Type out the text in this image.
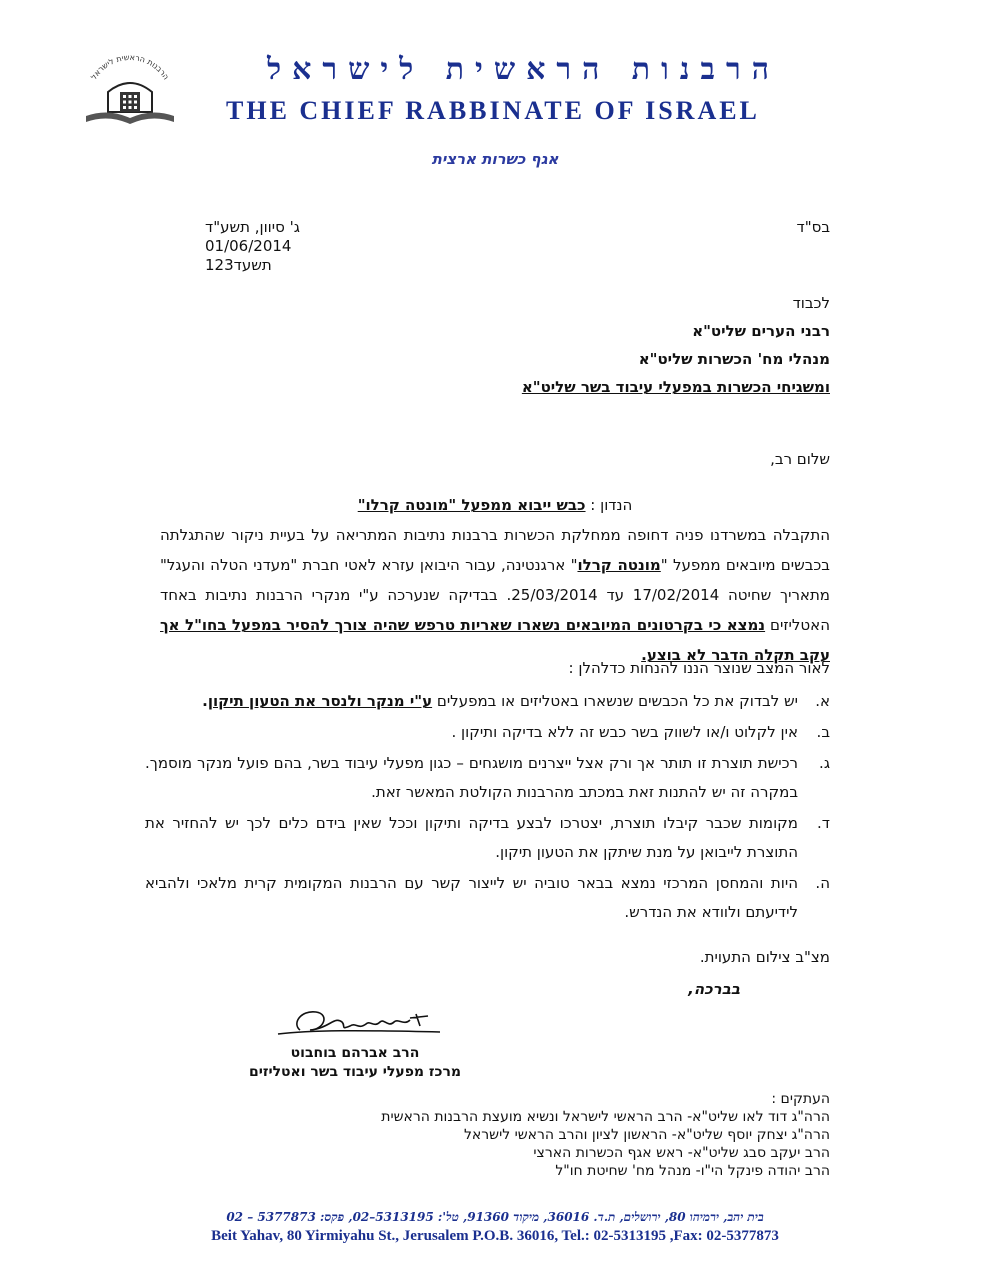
הרבנות הראשית לישראל	הרבנות הראשית לישראל
THE CHIEF RABBINATE OF ISRAEL
אגף כשרות ארצית
בס"ד
ג' סיוון, תשע"ד
01/06/2014
123תשעד
לכבוד
רבני הערים שליט"א
מנהלי מח' הכשרות שליט"א
ומשגיחי הכשרות במפעלי עיבוד בשר שליט"א
שלום רב,
הנדון : כבש ייבוא ממפעל "מונטה קרלו"
התקבלה במשרדנו פניה דחופה ממחלקת הכשרות ברבנות נתיבות המתריאה על בעיית ניקור שהתגלתה בכבשים מיובאים ממפעל "מונטה קרלו" ארגנטינה, עבור היבואן עזרא לאטי חברת "מעדני הטלה והעגל" מתאריך שחיטה 17/02/2014 עד 25/03/2014. בבדיקה שנערכה ע"י מנקרי הרבנות נתיבות באחד האטליזים נמצא כי בקרטונים המיובאים נשארו שאריות טרפש שהיה צורך להסיר במפעל בחו"ל אך עקב תקלה הדבר לא בוצע.
לאור המצב שנוצר הננו להנחות כדלהלן :
א.
יש לבדוק את כל הכבשים שנשארו באטליזים או במפעלים ע"י מנקר ולנסר את הטעון תיקון.
ב.
אין לקלוט ו/או לשווק בשר כבש זה ללא בדיקה ותיקון .
ג.
רכישת תוצרת זו תותר אך ורק אצל ייצרנים מושגחים – כגון מפעלי עיבוד בשר, בהם פועל מנקר מוסמך. במקרה זה יש להתנות זאת במכתב מהרבנות הקולטת המאשר זאת.
ד.
מקומות שכבר קיבלו תוצרת, יצטרכו לבצע בדיקה ותיקון וככל שאין בידם כלים לכך יש להחזיר את התוצרת לייבואן על מנת שיתקן את הטעון תיקון.
ה.
היות והמחסן המרכזי נמצא בבאר טוביה יש לייצור קשר עם הרבנות המקומית קרית מלאכי ולהביא לידיעתם ולוודא את הנדרש.
מצ"ב צילום התעוית.
בברכה,
הרב אברהם בוחבוט
מרכז מפעלי עיבוד בשר ואטליזים
העתקים :
הרה"ג דוד לאו שליט"א- הרב הראשי לישראל ונשיא מועצת הרבנות הראשית
הרה"ג יצחק יוסף שליט"א- הראשון לציון והרב הראשי לישראל
הרב יעקב סבג שליט"א- ראש אגף הכשרות הארצי
הרב יהודה פינקל הי"ו- מנהל מח' שחיטת חו"ל
בית יהב, ירמיהו 80, ירושלים, ת.ד. 36016, מיקוד 91360, טל': 5313195–02, פקס: 5377873 – 02
Beit Yahav, 80 Yirmiyahu St., Jerusalem P.O.B. 36016, Tel.: 02-5313195 ,Fax: 02-5377873
